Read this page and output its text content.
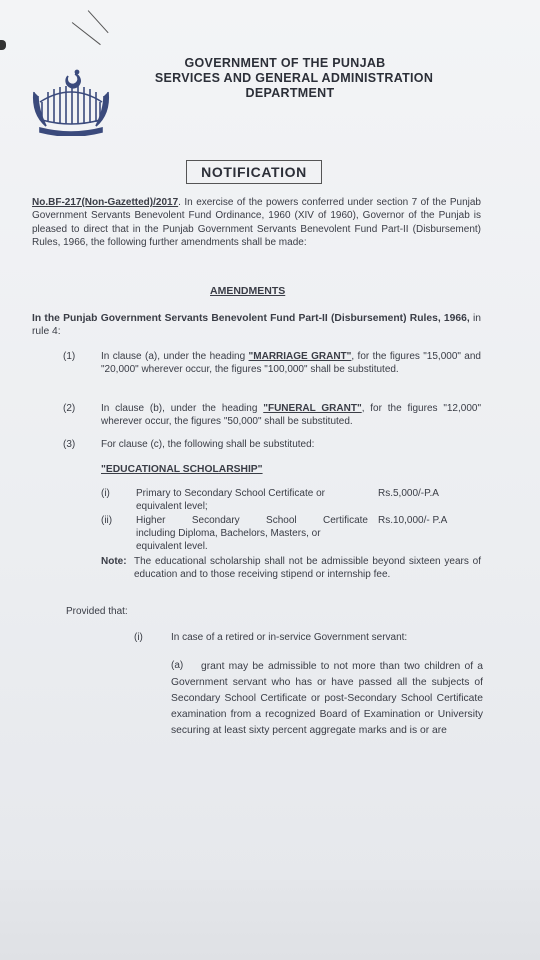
GOVERNMENT OF THE PUNJAB
SERVICES AND GENERAL ADMINISTRATION
DEPARTMENT
NOTIFICATION
No.BF-217(Non-Gazetted)/2017. In exercise of the powers conferred under section 7 of the Punjab Government Servants Benevolent Fund Ordinance, 1960 (XIV of 1960), Governor of the Punjab is pleased to direct that in the Punjab Government Servants Benevolent Fund Part-II (Disbursement) Rules, 1966, the following further amendments shall be made:
AMENDMENTS
In the Punjab Government Servants Benevolent Fund Part-II (Disbursement) Rules, 1966, in rule 4:
(1)	In clause (a), under the heading "MARRIAGE GRANT", for the figures "15,000" and "20,000" wherever occur, the figures "100,000" shall be substituted.
(2)	In clause (b), under the heading "FUNERAL GRANT", for the figures "12,000" wherever occur, the figures "50,000" shall be substituted.
(3)	For clause (c), the following shall be substituted:
"EDUCATIONAL SCHOLARSHIP"
(i)	Primary to Secondary School Certificate or
equivalent level;
Rs.5,000/-P.A
(ii) Higher Secondary School Certificate
including Diploma, Bachelors, Masters, or
equivalent level.
Rs.10,000/- P.A
Note: The educational scholarship shall not be admissible beyond sixteen years of education and to those receiving stipend or internship fee.
Provided that:
(i)	In case of a retired or in-service Government servant:
(a)	grant may be admissible to not more than two children of a Government servant who has or have passed all the subjects of Secondary School Certificate or post-Secondary School Certificate examination from a recognized Board of Examination or University securing at least sixty percent aggregate marks and is or are
